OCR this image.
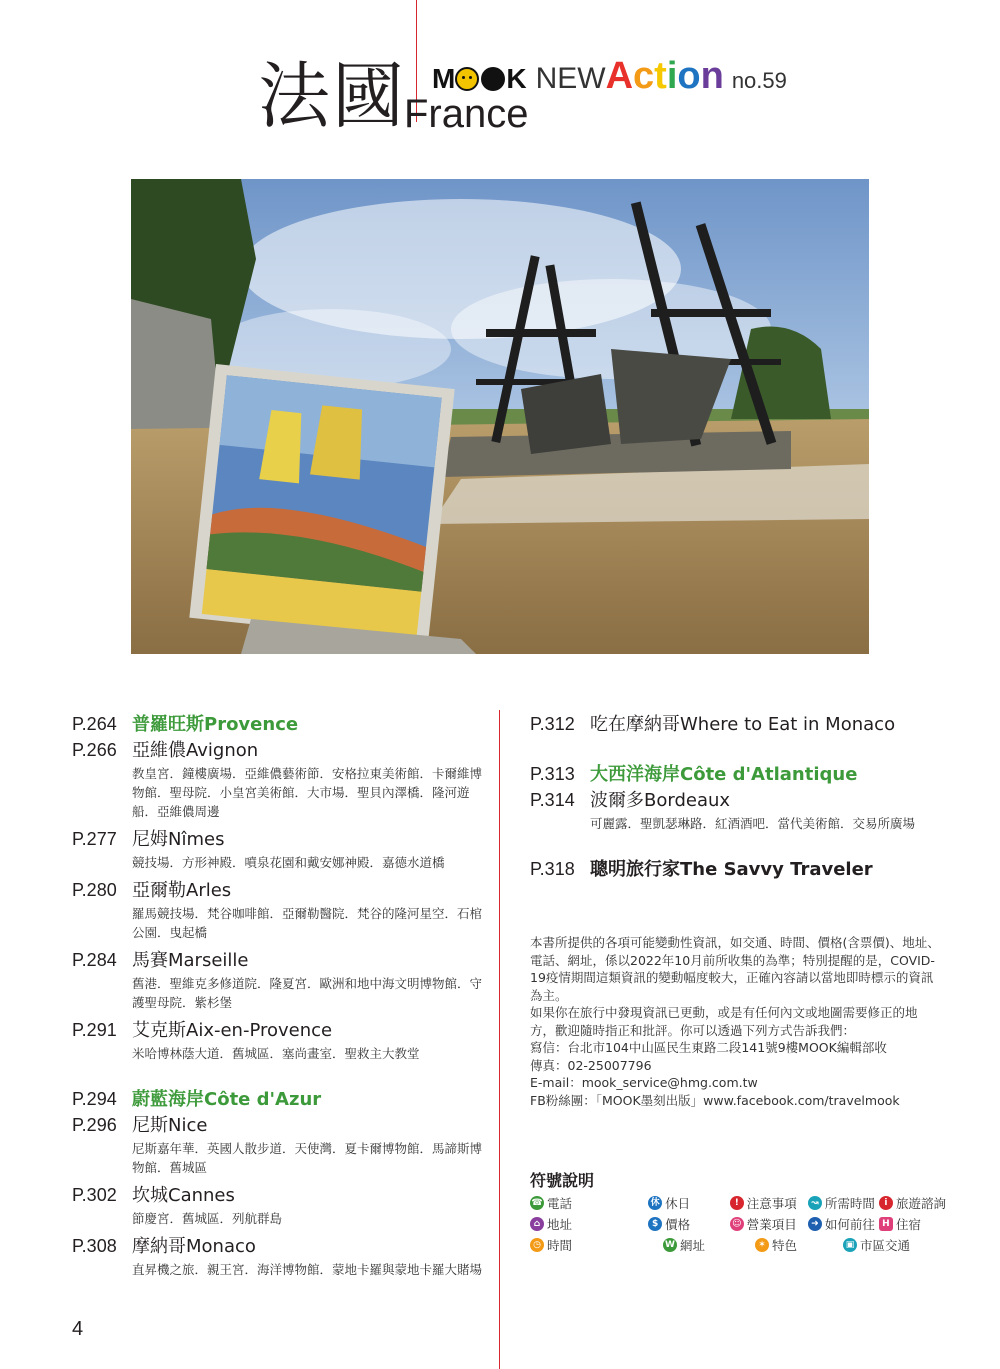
法國
France
M K NEWAction no.59
P.264 普羅旺斯Provence
P.266 亞維儂Avignon
教皇宮．鐘樓廣場．亞維儂藝術節．安格拉東美術館．卡爾維博物館．聖母院．小皇宮美術館．大市場．聖貝內澤橋．隆河遊船．亞維儂周邊
P.277 尼姆Nîmes
競技場．方形神殿．噴泉花園和戴安娜神殿．嘉德水道橋
P.280 亞爾勒Arles
羅馬競技場．梵谷咖啡館．亞爾勒醫院．梵谷的隆河星空．石棺公園．曳起橋
P.284 馬賽Marseille
舊港．聖維克多修道院．隆夏宮．歐洲和地中海文明博物館．守護聖母院．紫杉堡
P.291 艾克斯Aix-en-Provence
米哈博林蔭大道．舊城區．塞尚畫室．聖救主大教堂
P.294 蔚藍海岸Côte d'Azur
P.296 尼斯Nice
尼斯嘉年華．英國人散步道．天使灣．夏卡爾博物館．馬諦斯博物館．舊城區
P.302 坎城Cannes
節慶宮．舊城區．列航群島
P.308 摩納哥Monaco
直昇機之旅．親王宮．海洋博物館．蒙地卡羅與蒙地卡羅大賭場
P.312 吃在摩納哥Where to Eat in Monaco
P.313 大西洋海岸Côte d'Atlantique
P.314 波爾多Bordeaux
可麗露．聖凱瑟琳路．紅酒酒吧．當代美術館．交易所廣場
P.318 聰明旅行家The Savvy Traveler

本書所提供的各項可能變動性資訊，如交通、時間、價格(含票價)、地址、電話、網址，係以2022年10月前所收集的為準；特別提醒的是，COVID-19疫情期間這類資訊的變動幅度較大，正確內容請以當地即時標示的資訊為主。

如果你在旅行中發現資訊已更動，或是有任何內文或地圖需要修正的地方，歡迎隨時指正和批評。你可以透過下列方式告訴我們：

寫信：台北市104中山區民生東路二段141號9樓MOOK編輯部收

傳真：02-25007796

E-mail：mook_service@hmg.com.tw

FB粉絲團：「MOOK墨刻出版」www.facebook.com/travelmook

符號說明
☎ 電話	休 休日	! 注意事項	↝ 所需時間	i 旅遊諮詢
⌂ 地址	$ 價格	☺ 營業項目	➜ 如何前往 H 住宿
◷ 時間	W 網址	✶ 特色	▣ 市區交通
4
